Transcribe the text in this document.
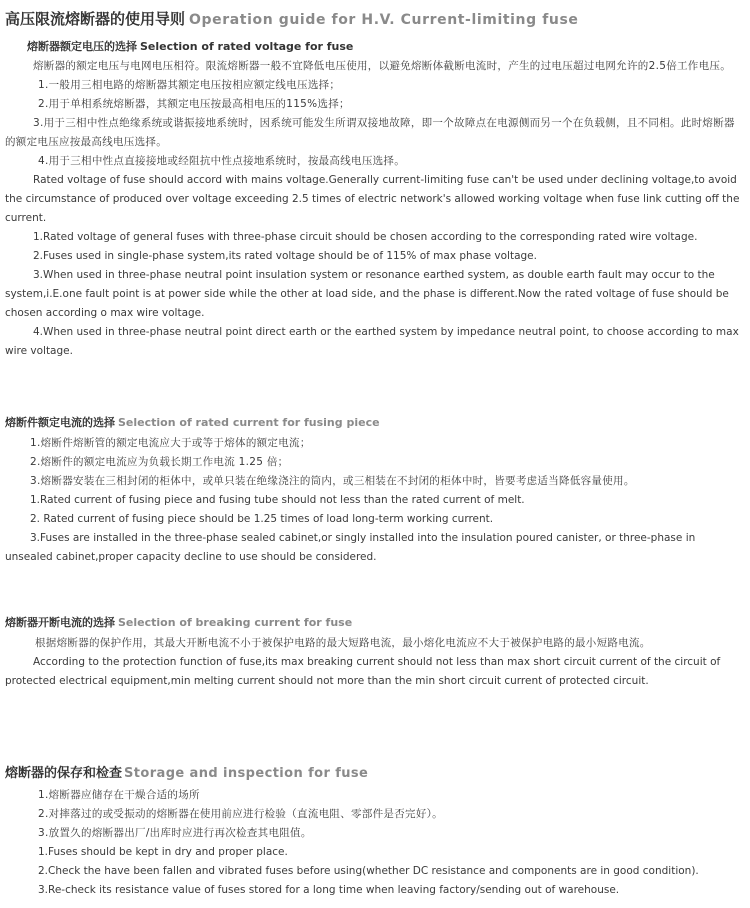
高压限流熔断器的使用导则 Operation guide for H.V. Current-limiting fuse
熔断器额定电压的选择 Selection of rated voltage for fuse

熔断器的额定电压与电网电压相符。限流熔断器一般不宜降低电压使用，以避免熔断体截断电流时，产生的过电压超过电网允许的2.5倍工作电压。

1.一般用三相电路的熔断器其额定电压按相应额定线电压选择；

2.用于单相系统熔断器，其额定电压按最高相电压的115%选择；

3.用于三相中性点绝缘系统或谐振接地系统时，因系统可能发生所谓双接地故障，即一个故障点在电源侧而另一个在负载侧，且不同相。此时熔断器的额定电压应按最高线电压选择。

4.用于三相中性点直接接地或经阻抗中性点接地系统时，按最高线电压选择。

Rated voltage of fuse should accord with mains voltage.Generally current-limiting fuse can't be used under declining voltage,to avoid the circumstance of produced over voltage exceeding 2.5 times of electric network's allowed working voltage when fuse link cutting off the current.

1.Rated voltage of general fuses with three-phase circuit should be chosen according to the corresponding rated wire voltage.

2.Fuses used in single-phase system,its rated voltage should be of 115% of max phase voltage.

3.When used in three-phase neutral point insulation system or resonance earthed system, as double earth fault may occur to the system,i.E.one fault point is at power side while the other at load side, and the phase is different.Now the rated voltage of fuse should be chosen according o max wire voltage.

4.When used in three-phase neutral point direct earth or the earthed system by impedance neutral point, to choose according to max wire voltage.

熔断件额定电流的选择 Selection of rated current for fusing piece

1.熔断件熔断管的额定电流应大于或等于熔体的额定电流；

2.熔断件的额定电流应为负载长期工作电流 1.25 倍；

3.熔断器安装在三相封闭的柜体中，或单只装在绝缘浇注的筒内，或三相装在不封闭的柜体中时，皆要考虑适当降低容量使用。

1.Rated current of fusing piece and fusing tube should not less than the rated current of melt.

2. Rated current of fusing piece should be 1.25 times of load long-term working current.

3.Fuses are installed in the three-phase sealed cabinet,or singly installed into the insulation poured canister, or three-phase in unsealed cabinet,proper capacity decline to use should be considered.

熔断器开断电流的选择 Selection of breaking current for fuse

根据熔断器的保护作用，其最大开断电流不小于被保护电路的最大短路电流，最小熔化电流应不大于被保护电路的最小短路电流。

According to the protection function of fuse,its max breaking current should not less than max short circuit current of the circuit of protected electrical equipment,min melting current should not more than the min short circuit current of protected circuit.

熔断器的保存和检查 Storage and inspection for fuse

1.熔断器应储存在干燥合适的场所

2.对摔落过的或受振动的熔断器在使用前应进行检验（直流电阻、零部件是否完好）。

3.放置久的熔断器出厂/出库时应进行再次检查其电阻值。

1.Fuses should be kept in dry and proper place.

2.Check the have been fallen and vibrated fuses before using(whether DC resistance and components are in good condition).

3.Re-check its resistance value of fuses stored for a long time when leaving factory/sending out of warehouse.
